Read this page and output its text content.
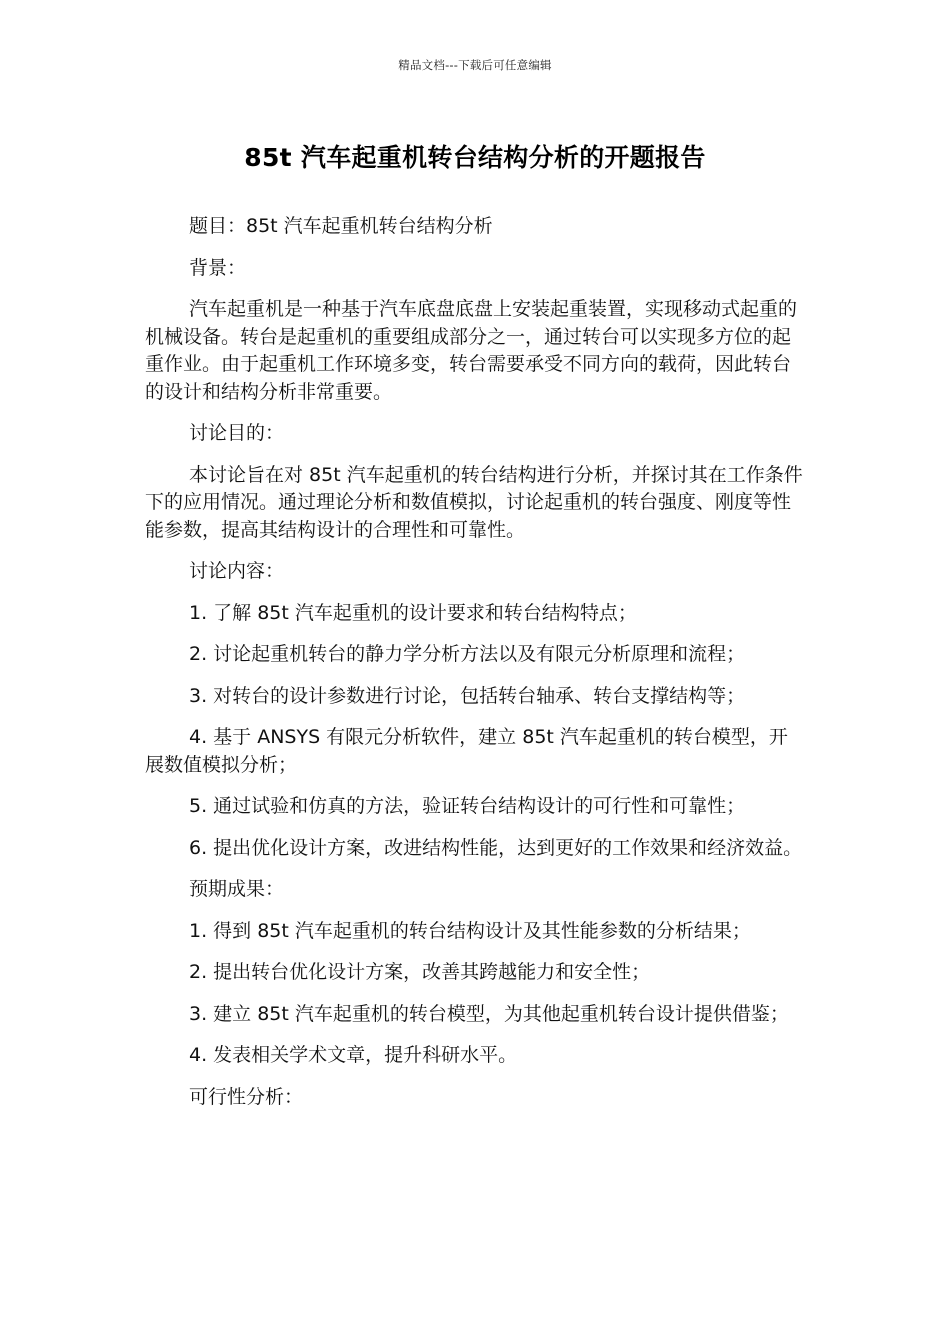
精品文档---下载后可任意编辑
85t 汽车起重机转台结构分析的开题报告

题目：85t 汽车起重机转台结构分析

背景：

汽车起重机是一种基于汽车底盘底盘上安装起重装置，实现移动式起重的机械设备。转台是起重机的重要组成部分之一，通过转台可以实现多方位的起重作业。由于起重机工作环境多变，转台需要承受不同方向的载荷，因此转台的设计和结构分析非常重要。

讨论目的：

本讨论旨在对 85t 汽车起重机的转台结构进行分析，并探讨其在工作条件下的应用情况。通过理论分析和数值模拟，讨论起重机的转台强度、刚度等性能参数，提高其结构设计的合理性和可靠性。

讨论内容：

1. 了解 85t 汽车起重机的设计要求和转台结构特点；

2. 讨论起重机转台的静力学分析方法以及有限元分析原理和流程；

3. 对转台的设计参数进行讨论，包括转台轴承、转台支撑结构等；

4. 基于 ANSYS 有限元分析软件，建立 85t 汽车起重机的转台模型，开展数值模拟分析；

5. 通过试验和仿真的方法，验证转台结构设计的可行性和可靠性；

6. 提出优化设计方案，改进结构性能，达到更好的工作效果和经济效益。

预期成果：

1. 得到 85t 汽车起重机的转台结构设计及其性能参数的分析结果；

2. 提出转台优化设计方案，改善其跨越能力和安全性；

3. 建立 85t 汽车起重机的转台模型，为其他起重机转台设计提供借鉴；

4. 发表相关学术文章，提升科研水平。

可行性分析：
